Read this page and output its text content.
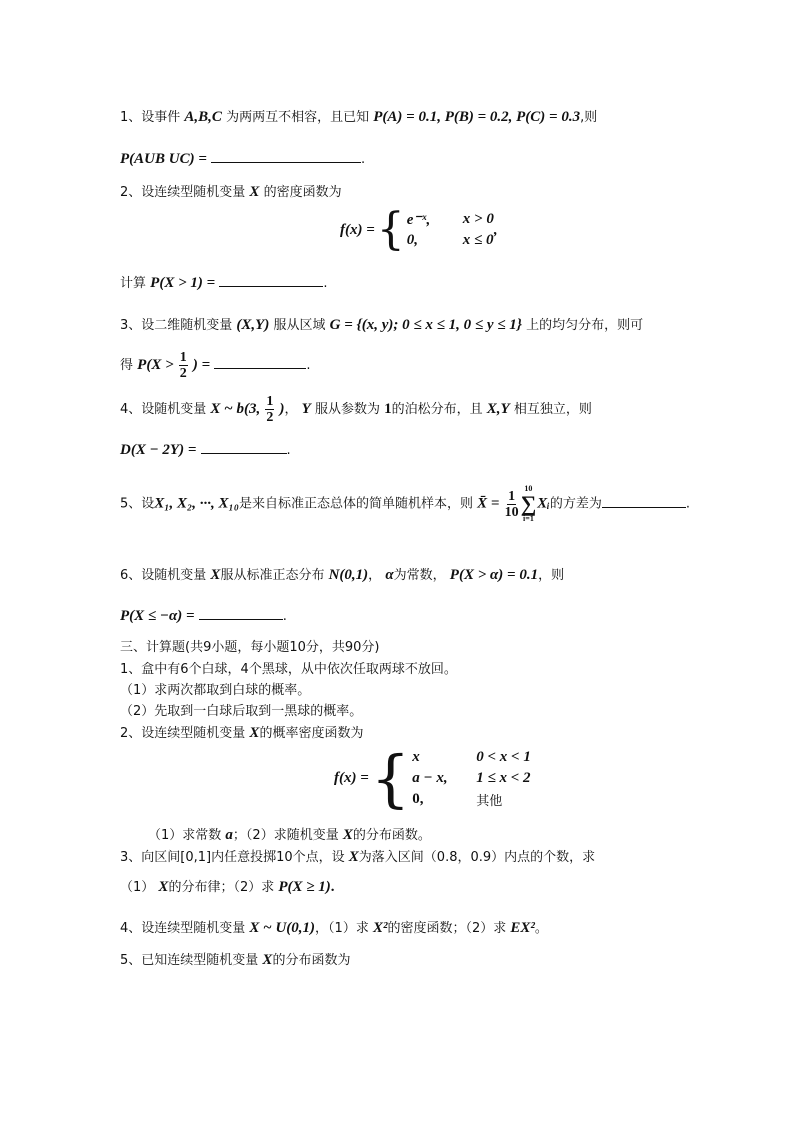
1、设事件 A,B,C 为两两互不相容，且已知 P(A) = 0.1, P(B) = 0.2, P(C) = 0.3,则
P(AUB UC) =	.
2、设连续型随机变量 X 的密度函数为
f(x) = { e⁻ˣ,	x > 0
0,	x ≤ 0
,
计算 P(X > 1) =	.
3、设二维随机变量 (X,Y) 服从区域 G = {(x, y); 0 ≤ x ≤ 1, 0 ≤ y ≤ 1} 上的均匀分布，则可
得 $P(X > \frac{1}{2}$ ) =	.
4、设随机变量 X ~ b(3, $\frac{1}{2}$ )， Y 服从参数为 1的泊松分布，且 X,Y 相互独立，则
D(X − 2Y) =	.
5、设X₁, X₂, ···, X₁₀是来自标准正态总体的简单随机样本，则 X̄ = $\frac{1}{10} 10$
∑
i=1
Xᵢ的方差为	.
6、设随机变量 X服从标准正态分布 N(0,1)， α为常数， P(X > α) = 0.1，则
P(X ≤ −α) =	.
三、计算题(共9小题，每小题10分，共90分)
1、盒中有6个白球，4个黑球，从中依次任取两球不放回。
（1）求两次都取到白球的概率。
（2）先取到一白球后取到一黑球的概率。
2、设连续型随机变量 X的概率密度函数为
f(x) = { x	0 < x < 1
a − x,	1 ≤ x < 2
0,	其他
（1）求常数 a；（2）求随机变量 X的分布函数。
3、向区间[0,1]内任意投掷10个点，设 X为落入区间（0.8，0.9）内点的个数，求
（1） X的分布律；（2）求 P(X ≥ 1).
4、设连续型随机变量 X ~ U(0,1)，（1）求 X²的密度函数；（2）求 EX²。
5、已知连续型随机变量 X的分布函数为
